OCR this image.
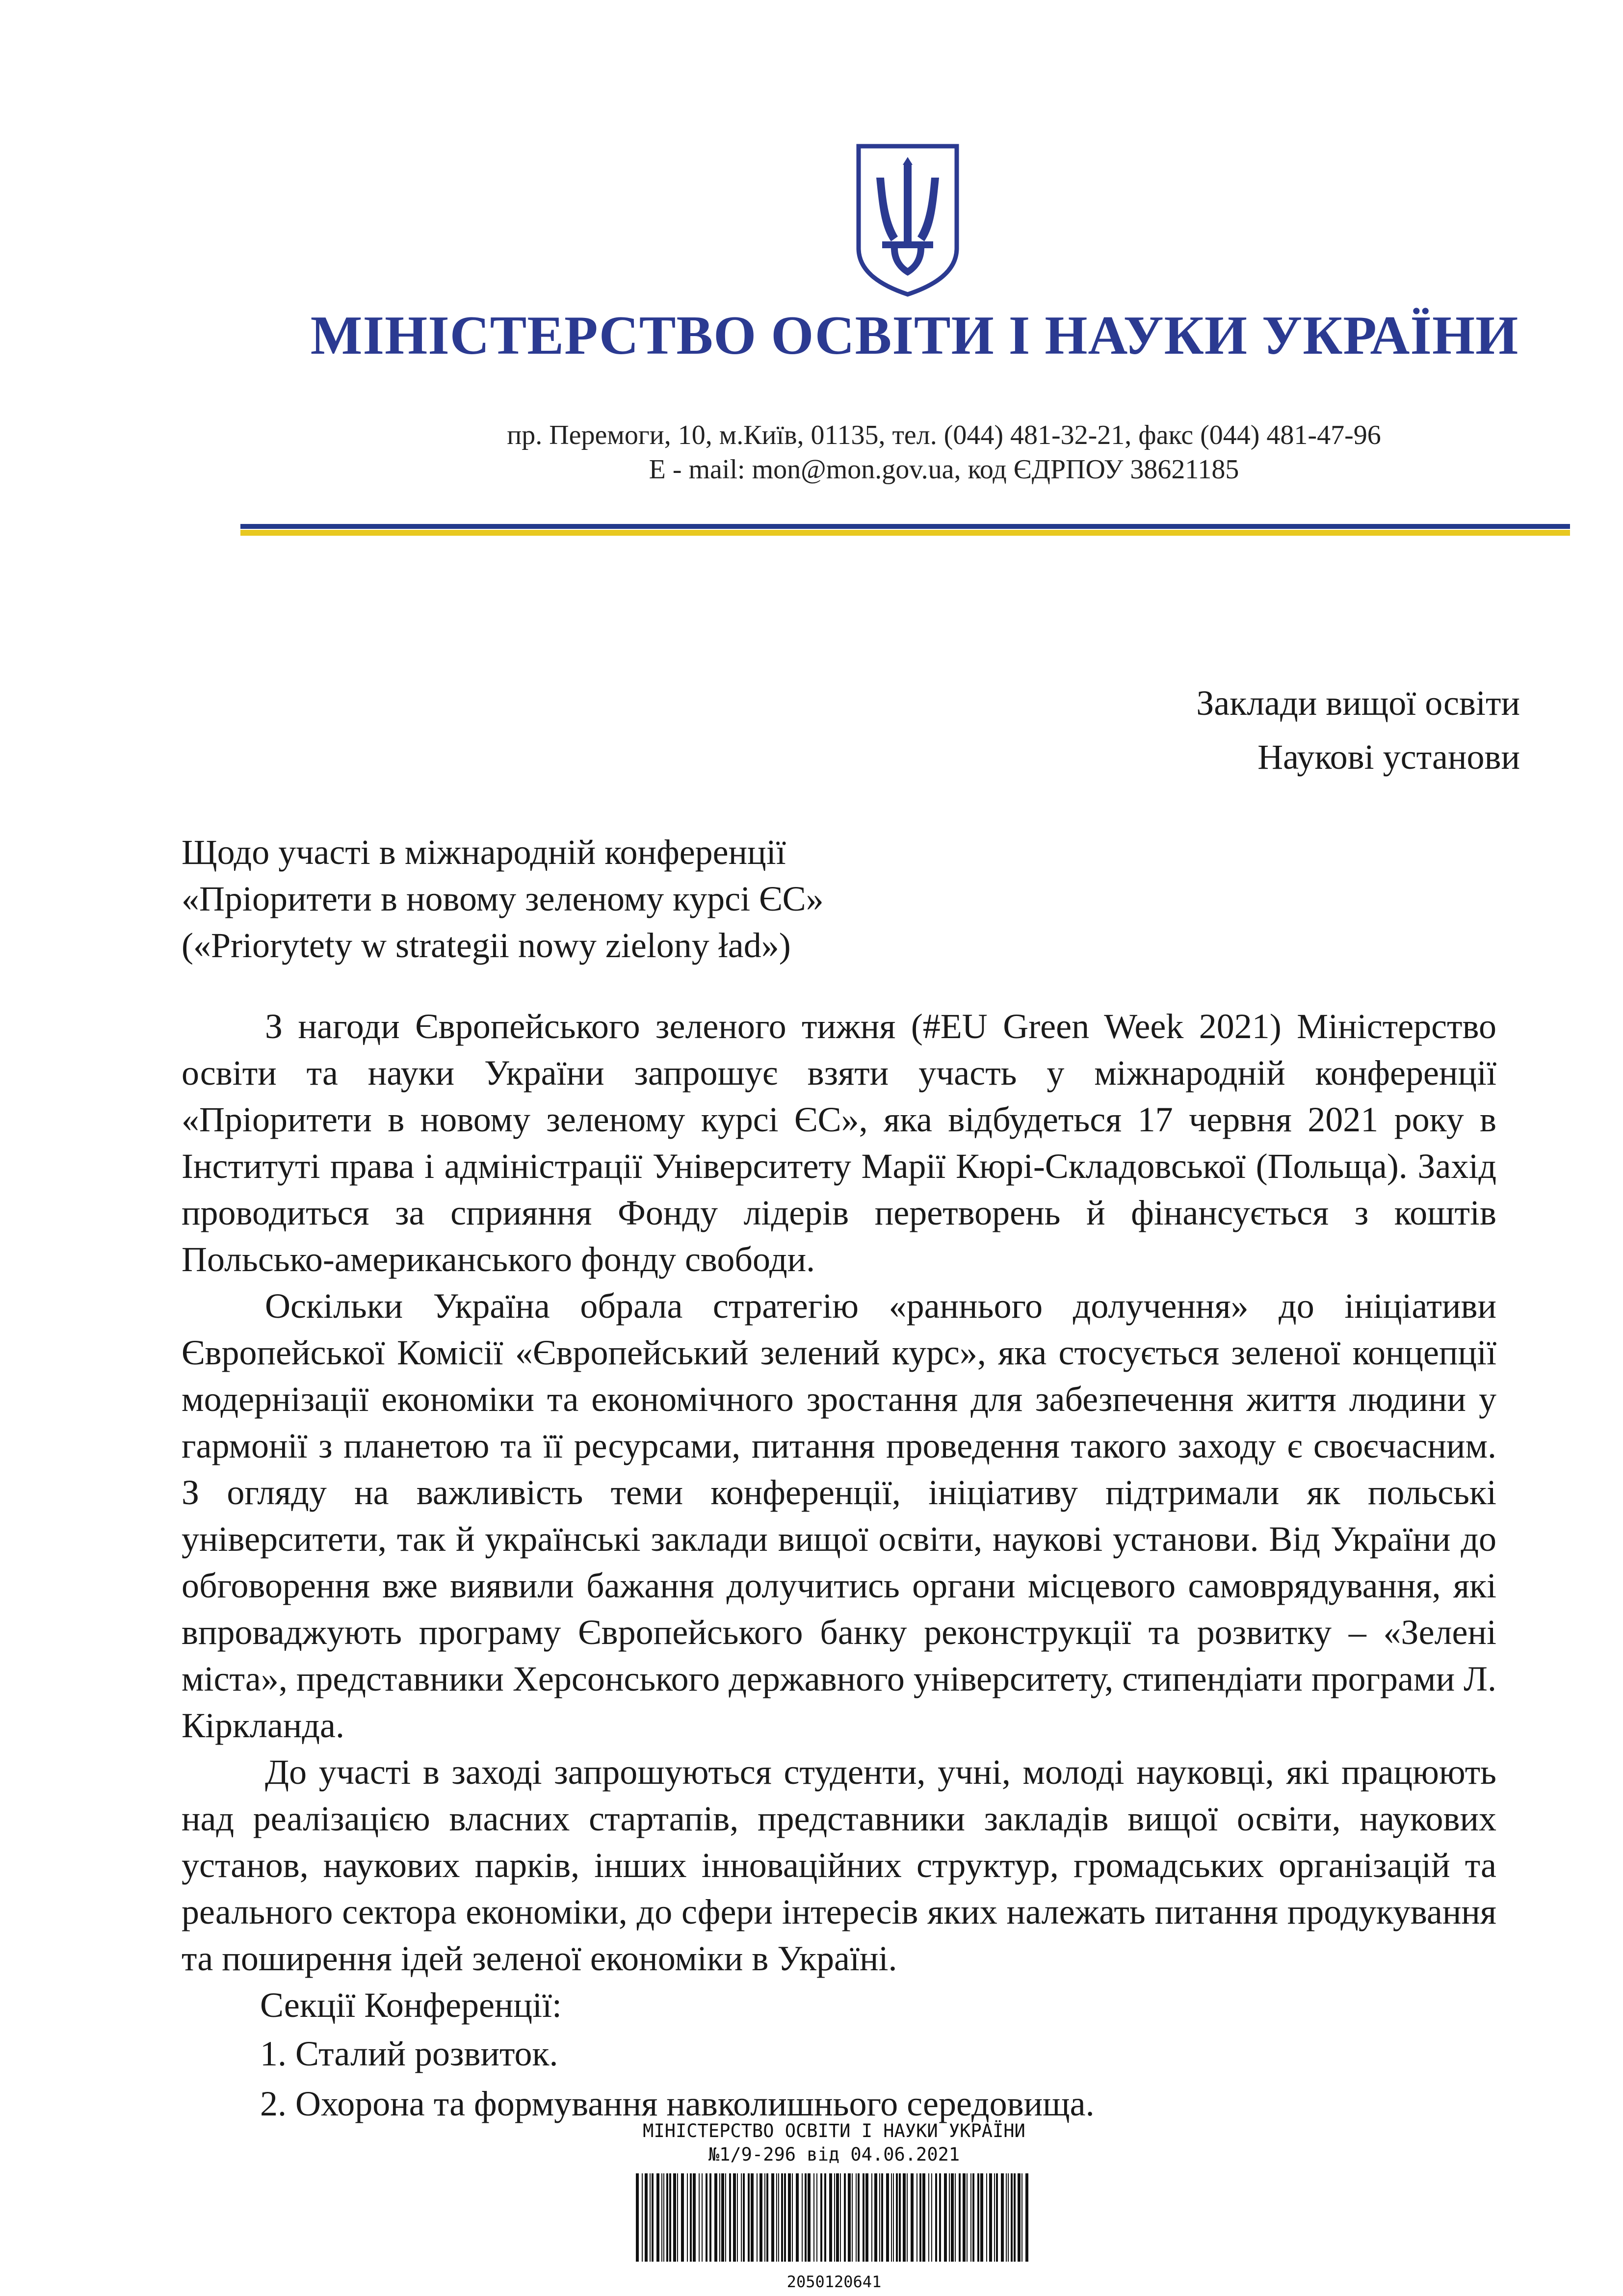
МІНІСТЕРСТВО ОСВІТИ І НАУКИ УКРАЇНИ
пр. Перемоги, 10, м.Київ, 01135, тел. (044) 481-32-21, факс (044) 481-47-96
E - mail: mon@mon.gov.ua, код ЄДРПОУ 38621185
Заклади вищої освіти
Наукові установи
Щодо участі в міжнародній конференції
«Пріоритети в новому зеленому курсі ЄС»
(«Priorytety w strategii nowy zielony ład»)

З нагоди Європейського зеленого тижня (#EU Green Week 2021) Міністерство освіти та науки України запрошує взяти участь у міжнародній конференції «Пріоритети в новому зеленому курсі ЄС», яка відбудеться 17 червня 2021 року в Інституті права і адміністрації Університету Марії Кюрі-Складовської (Польща). Захід проводиться за сприяння Фонду лідерів перетворень й фінансується з коштів Польсько-американського фонду свободи.

Оскільки Україна обрала стратегію «раннього долучення» до ініціативи Європейської Комісії «Європейський зелений курс», яка стосується зеленої концепції модернізації економіки та економічного зростання для забезпечення життя людини у гармонії з планетою та її ресурсами, питання проведення такого заходу є своєчасним. З огляду на важливість теми конференції, ініціативу підтримали як польські університети, так й українські заклади вищої освіти, наукові установи. Від України до обговорення вже виявили бажання долучитись органи місцевого самоврядування, які впроваджують програму Європейського банку реконструкції та розвитку – «Зелені міста», представники Херсонського державного університету, стипендіати програми Л. Кіркланда.

До участі в заході запрошуються студенти, учні, молоді науковці, які працюють над реалізацією власних стартапів, представники закладів вищої освіти, наукових установ, наукових парків, інших інноваційних структур, громадських організацій та реального сектора економіки, до сфери інтересів яких належать питання продукування та поширення ідей зеленої економіки в Україні.

Секції Конференції:

1. Сталий розвиток.
2. Охорона та формування навколишнього середовища.
МІНІСТЕРСТВО ОСВІТИ І НАУКИ УКРАЇНИ
№1/9-296 від 04.06.2021
2050120641
